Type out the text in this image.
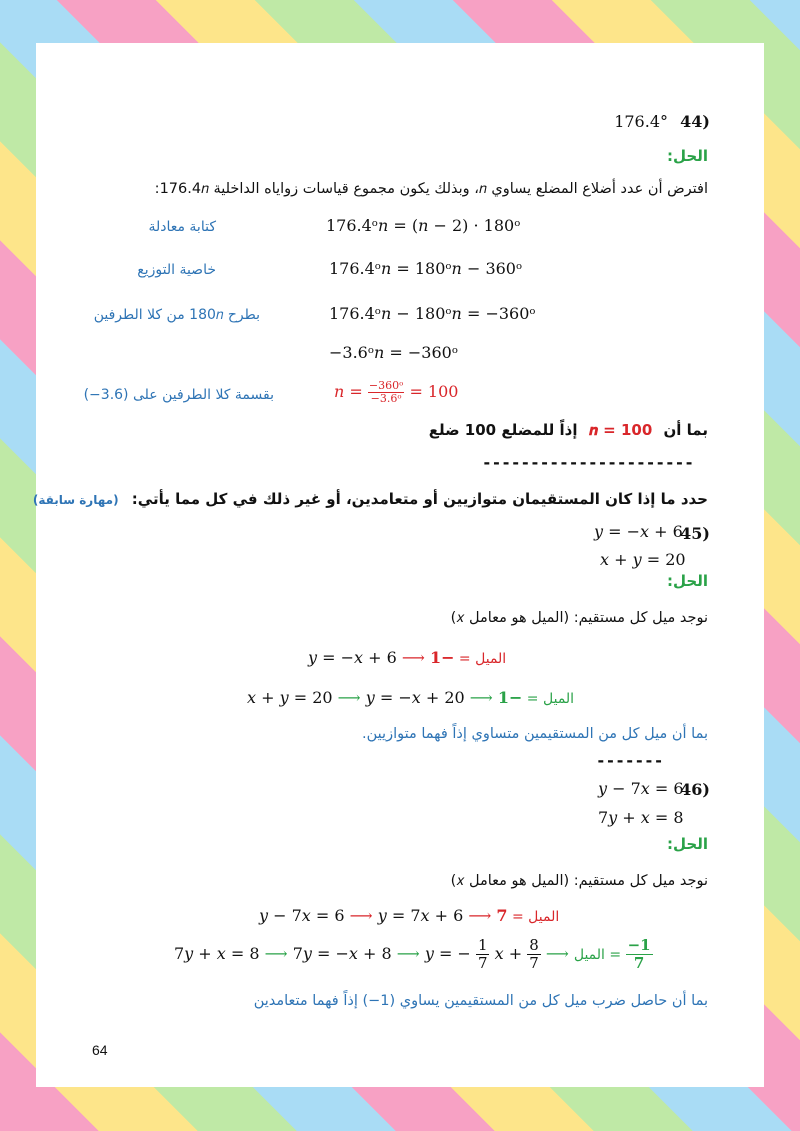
44)
176.4°
الحل:
افترض أن عدد أضلاع المضلع يساوي 𝑛، وبذلك يكون مجموع قياسات زواياه الداخلية 176.4𝑛:
كتابة معادلة	176.4ᵒ𝑛 = (𝑛 − 2) · 180ᵒ
خاصية التوزيع	176.4ᵒ𝑛 = 180ᵒ𝑛 − 360ᵒ
بطرح 180𝑛 من كلا الطرفين	176.4ᵒ𝑛 − 180ᵒ𝑛 = −360ᵒ
−3.6ᵒ𝑛 = −360ᵒ
بقسمة كلا الطرفين على (3.6−)	𝑛 = $\frac{\text{−360ᵒ}}{\text{−3.6ᵒ}} = 100$
بما أن 𝒏 = 100 إذاً للمضلع 100 ضلع
----------------------
حدد ما إذا كان المستقيمان متوازيين أو متعامدين، أو غير ذلك في كل مما يأتي: (مهارة سابقة)
45)
𝑦 = −𝑥 + 6
𝑥 + 𝑦 = 20
الحل:
نوجد ميل كل مستقيم: (الميل هو معامل 𝑥)
𝑦 = −𝑥 + 6 ⟶ الميل = −𝟏
𝑥 + 𝑦 = 20 ⟶ 𝑦 = −𝑥 + 20 ⟶ الميل = −𝟏
بما أن ميل كل من المستقيمين متساوي إذاً فهما متوازيين.
-------
46)
𝑦 − 7𝑥 = 6
7𝑦 + 𝑥 = 8
الحل:
نوجد ميل كل مستقيم: (الميل هو معامل 𝑥)
𝑦 − 7𝑥 = 6 ⟶ 𝑦 = 7𝑥 + 6 ⟶ الميل = 𝟕
7𝑦 + 𝑥 = 8 ⟶ 7𝑦 = −𝑥 + 8 ⟶ 𝑦 = − $\frac{1}{7}$ 𝑥 + $\frac{8}{7}$ ⟶ الميل = $\frac{-𝟏}{𝟕}$
بما أن حاصل ضرب ميل كل من المستقيمين يساوي (1−) إذاً فهما متعامدين
64
